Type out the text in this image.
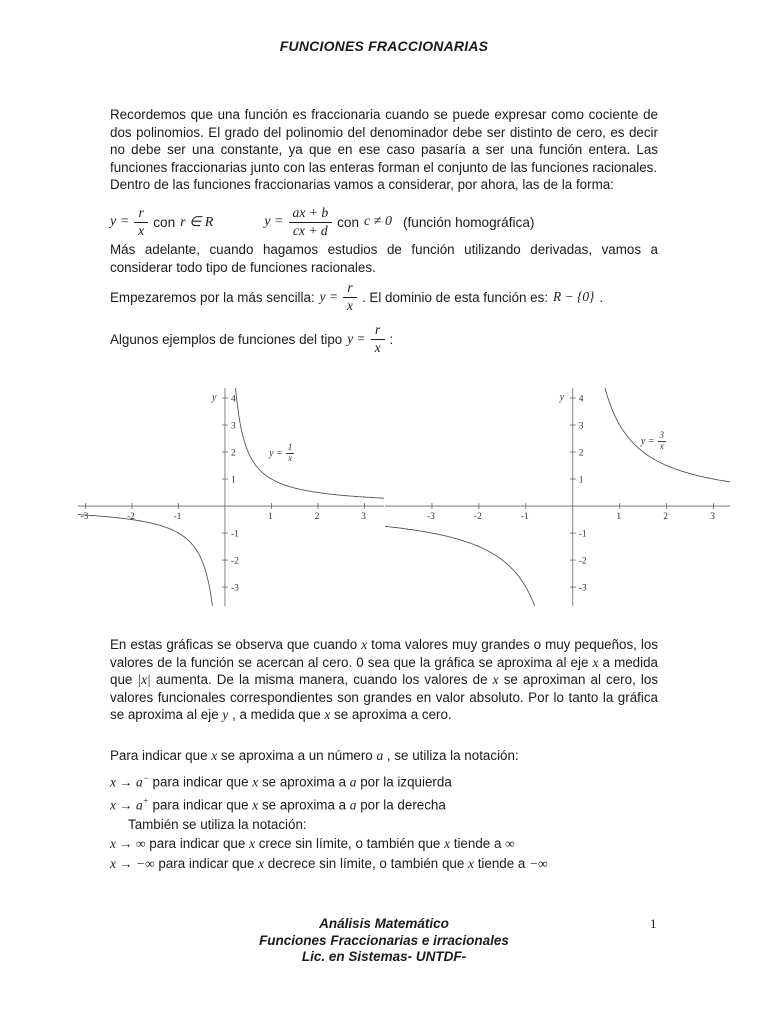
FUNCIONES FRACCIONARIAS
Recordemos que una función es fraccionaria cuando se puede expresar como cociente de dos polinomios. El grado del polinomio del denominador debe ser distinto de cero, es decir no debe ser una constante, ya que en ese caso pasaría a ser una función entera. Las funciones fraccionarias junto con las enteras forman el conjunto de las funciones racionales.
Dentro de las funciones fraccionarias vamos a considerar, por ahora, las de la forma:
$y = \frac{r}{x}$ con r ∈ R	$y = \frac{ax + b}{cx + d}$ con c ≠ 0 (función homográfica)
Más adelante, cuando hagamos estudios de función utilizando derivadas, vamos a considerar todo tipo de funciones racionales.
Empezaremos por la más sencilla: $y = \frac{r}{x}$ . El dominio de esta función es: R − {0} .
Algunos ejemplos de funciones del tipo $y = \frac{r}{x}$ :
-3	-2	-1	1	2	3
-3
-2
-1
1
2
3
4
y
$y = \frac{1}{x}$
-3	-2	-1	1	2	3
-3
-2
-1
1
2
3
4
y
$y = \frac{3}{x}$
En estas gráficas se observa que cuando x toma valores muy grandes o muy pequeños, los valores de la función se acercan al cero. 0 sea que la gráfica se aproxima al eje x a medida que |x| aumenta. De la misma manera, cuando los valores de x se aproximan al cero, los valores funcionales correspondientes son grandes en valor absoluto. Por lo tanto la gráfica se aproxima al eje y , a medida que x se aproxima a cero.
Para indicar que x se aproxima a un número a , se utiliza la notación:
x → a− para indicar que x se aproxima a a por la izquierda
x → a+ para indicar que x se aproxima a a por la derecha
También se utiliza la notación:
x → ∞ para indicar que x crece sin límite, o también que x tiende a ∞
x → −∞ para indicar que x decrece sin límite, o también que x tiende a −∞
Análisis Matemático
Funciones Fraccionarias e irracionales
Lic. en Sistemas- UNTDF-
1
